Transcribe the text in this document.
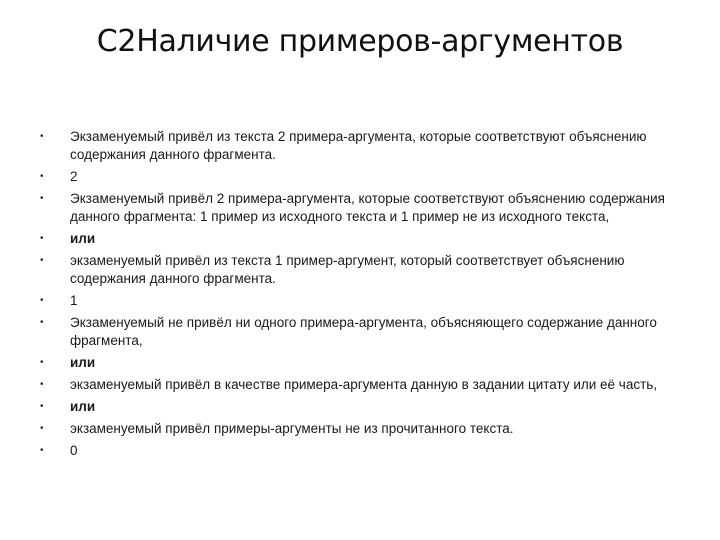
С2Наличие примеров-аргументов
•	Экзаменуемый привёл из текста 2 примера-аргумента, которые соответствуют объяснению содержания данного фрагмента.
•	2
•	Экзаменуемый привёл 2 примера-аргумента, которые соответствуют объяснению содержания данного фрагмента: 1 пример из исходного текста и 1 пример не из исходного текста,
•	или
•	экзаменуемый привёл из текста 1 пример-аргумент, который соответствует объяснению содержания данного фрагмента.
•	1
•	Экзаменуемый не привёл ни одного примера-аргумента, объясняющего содержание данного фрагмента,
•	или
•	экзаменуемый привёл в качестве примера-аргумента данную в задании цитату или её часть,
•	или
•	экзаменуемый привёл примеры-аргументы не из прочитанного текста.
•	0
